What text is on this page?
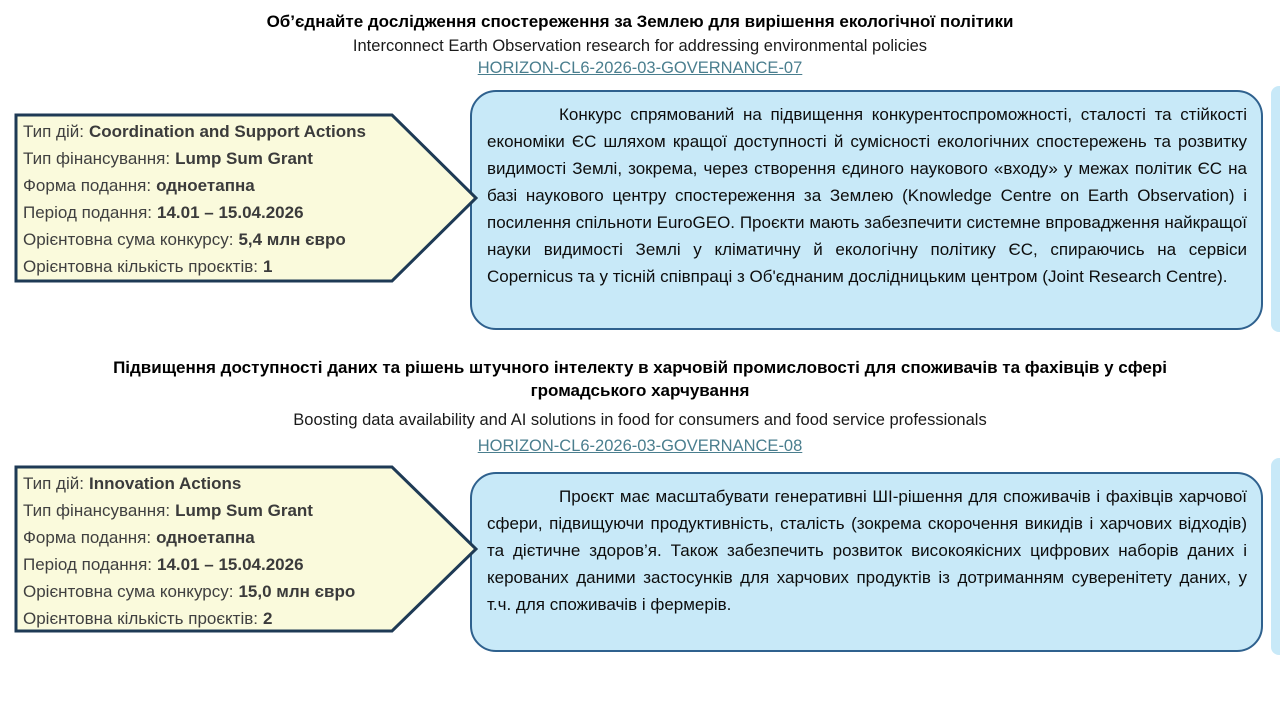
Об’єднайте дослідження спостереження за Землею для вирішення екологічної політики
Interconnect Earth Observation research for addressing environmental policies
HORIZON-CL6-2026-03-GOVERNANCE-07
Тип дій: Coordination and Support Actions
Тип фінансування: Lump Sum Grant
Форма подання: одноетапна
Період подання: 14.01 – 15.04.2026
Орієнтовна сума конкурсу: 5,4 млн євро
Орієнтовна кількість проєктів: 1

Конкурс спрямований на підвищення конкурентоспроможності, сталості та стійкості економіки ЄС шляхом кращої доступності й сумісності екологічних спостережень та розвитку видимості Землі, зокрема, через створення єдиного наукового «входу» у межах політик ЄС на базі наукового центру спостереження за Землею (Knowledge Centre on Earth Observation) і посилення спільноти EuroGEO. Проєкти мають забезпечити системне впровадження найкращої науки видимості Землі у кліматичну й екологічну політику ЄС, спираючись на сервіси Copernicus та у тісній співпраці з Об'єднаним дослідницьким центром (Joint Research Centre).

Підвищення доступності даних та рішень штучного інтелекту в харчовій промисловості для споживачів та фахівців у сфері громадського харчування
Boosting data availability and AI solutions in food for consumers and food service professionals
HORIZON-CL6-2026-03-GOVERNANCE-08
Тип дій: Innovation Actions
Тип фінансування: Lump Sum Grant
Форма подання: одноетапна
Період подання: 14.01 – 15.04.2026
Орієнтовна сума конкурсу: 15,0 млн євро
Орієнтовна кількість проєктів: 2

Проєкт має масштабувати генеративні ШІ-рішення для споживачів і фахівців харчової сфери, підвищуючи продуктивність, сталість (зокрема скорочення викидів і харчових відходів) та дієтичне здоров’я. Також забезпечить розвиток високоякісних цифрових наборів даних і керованих даними застосунків для харчових продуктів із дотриманням суверенітету даних, у т.ч. для споживачів і фермерів.
